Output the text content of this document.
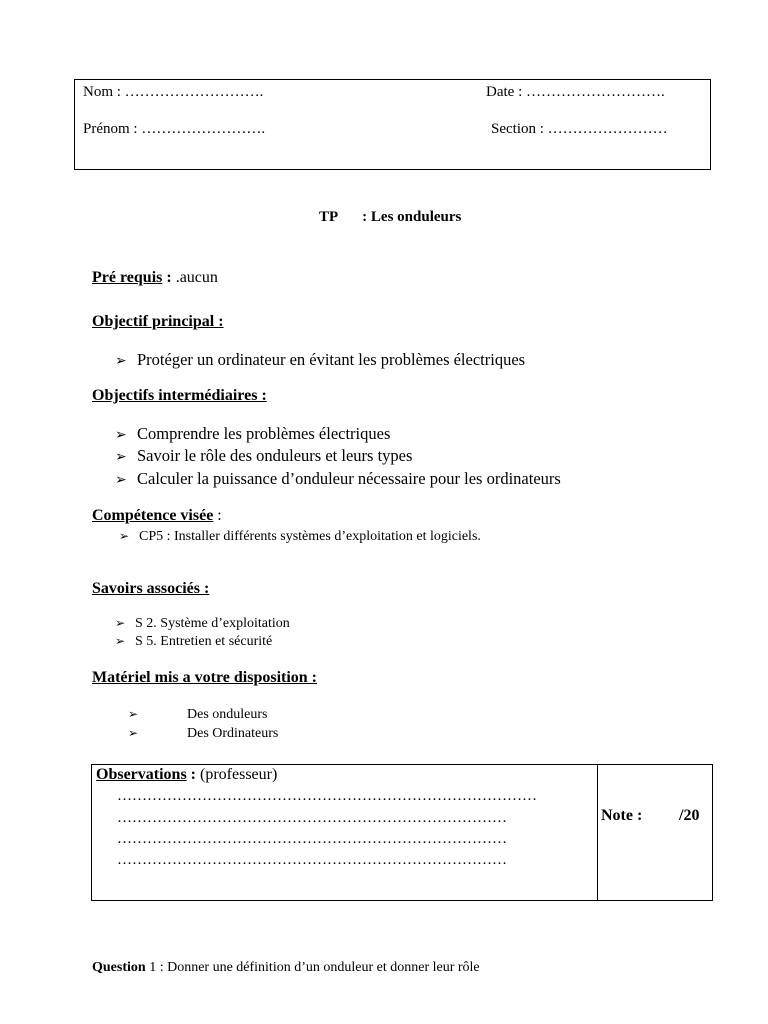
Nom : ……………………….	Date : ……………………….
Prénom : …………………….	Section : ……………………
TP : Les onduleurs
Pré requis : .aucun
Objectif principal :
➢ Protéger un ordinateur en évitant les problèmes électriques
Objectifs intermédiaires :
➢ Comprendre les problèmes électriques
➢ Savoir le rôle des onduleurs et leurs types
➢ Calculer la puissance d’onduleur nécessaire pour les ordinateurs
Compétence visée :
➢ CP5 : Installer différents systèmes d’exploitation et logiciels.
Savoirs associés :
➢ S 2. Système d’exploitation
➢ S 5. Entretien et sécurité
Matériel mis a votre disposition :
➢	Des onduleurs
➢	Des Ordinateurs
Observations : (professeur)
…………………………………………………………………………
……………………………………………………………………
……………………………………………………………………
……………………………………………………………………
Note : /20
Question 1 : Donner une définition d’un onduleur et donner leur rôle
